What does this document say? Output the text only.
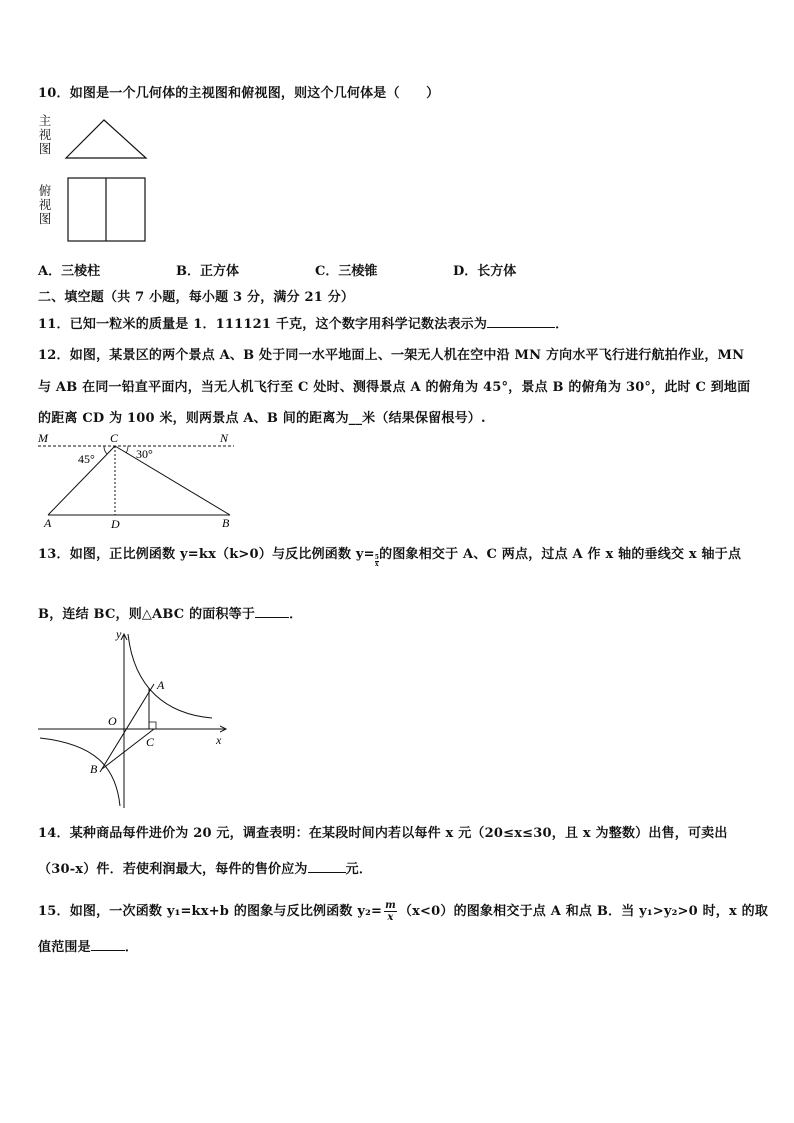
10．如图是一个几何体的主视图和俯视图，则这个几何体是（　　）
主
视
图
俯
视
图
A．三棱柱	B．正方体	C．三棱锥	D．长方体
二、填空题（共 7 小题，每小题 3 分，满分 21 分）
11．已知一粒米的质量是 1．111121 千克，这个数字用科学记数法表示为	．
12．如图，某景区的两个景点 A、B 处于同一水平地面上、一架无人机在空中沿 MN 方向水平飞行进行航拍作业，MN
与 AB 在同一铅直平面内，当无人机飞行至 C 处时、测得景点 A 的俯角为 45°，景点 B 的俯角为 30°，此时 C 到地面
的距离 CD 为 100 米，则两景点 A、B 间的距离为__米（结果保留根号）.
M	C	N
45°	30°
A	D	B
13．如图，正比例函数 y=kx（k>0）与反比例函数 $y= \frac{5}{x}$ 的图象相交于 A、C 两点，过点 A 作 x 轴的垂线交 x 轴于点
B，连结 BC，则△ABC 的面积等于	．
y
x
O
A
B
C
14．某种商品每件进价为 20 元，调查表明：在某段时间内若以每件 x 元（20≤x≤30，且 x 为整数）出售，可卖出
（30-x）件．若使利润最大，每件的售价应为	元．
15．如图，一次函数 y₁=kx+b 的图象与反比例函数 $y_2= \frac{m}{x} (x<0)$的图象相交于点 A 和点 B．当 y₁>y₂>0 时，x 的取
值范围是	．
